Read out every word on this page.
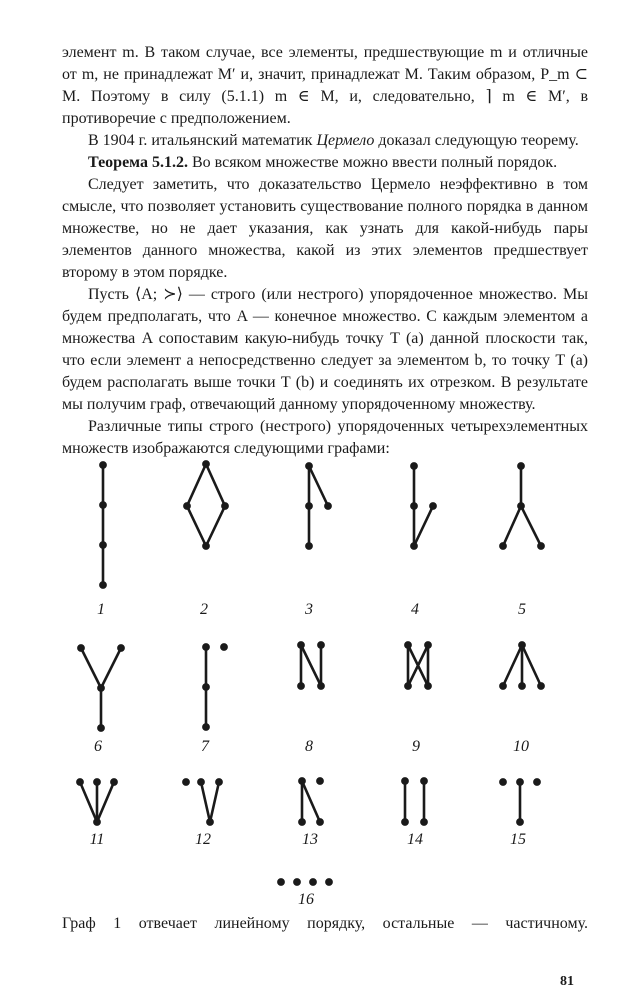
элемент m. В таком случае, все элементы, предшествующие m и отличные от m, не принадлежат M′ и, значит, принадлежат M. Таким образом, P_m ⊂ M. Поэтому в силу (5.1.1) m ∈ M, и, следовательно, ⌉ m ∈ M′, в противоречие с предположением.

В 1904 г. итальянский математик Цермело доказал следующую теорему.

Теорема 5.1.2. Во всяком множестве можно ввести полный порядок.

Следует заметить, что доказательство Цермело неэффективно в том смысле, что позволяет установить существование полного порядка в данном множестве, но не дает указания, как узнать для какой-нибудь пары элементов данного множества, какой из этих элементов предшествует второму в этом порядке.

Пусть ⟨A; ≻⟩ — строго (или нестрого) упорядоченное множество. Мы будем предполагать, что A — конечное множество. С каждым элементом a множества A сопоставим какую-нибудь точку T (a) данной плоскости так, что если элемент a непосредственно следует за элементом b, то точку T (a) будем располагать выше точки T (b) и соединять их отрезком. В результате мы получим граф, отвечающий данному упорядоченному множеству.

Различные типы строго (нестрого) упорядоченных четырехэлементных множеств изображаются следующими графами:

1	2	3	4	5
6	7	8	9	10
11	12	13	14	15
16
Граф 1 отвечает линейному порядку, остальные — частичному.
81
